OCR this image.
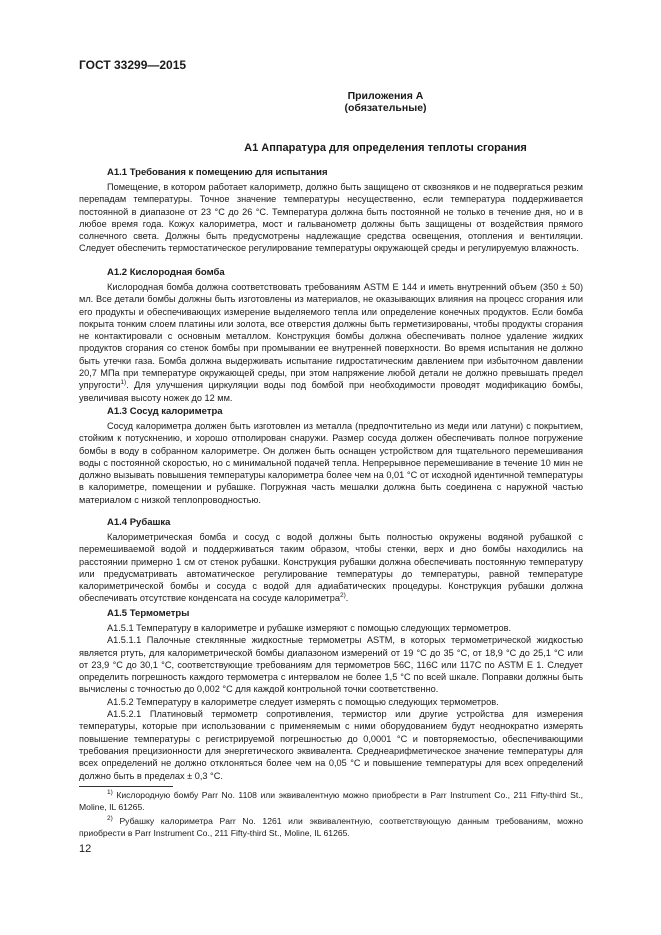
ГОСТ 33299—2015
Приложения А
(обязательные)
А1 Аппаратура для определения теплоты сгорания
А1.1 Требования к помещению для испытания

Помещение, в котором работает калориметр, должно быть защищено от сквозняков и не подвергаться резким перепадам температуры. Точное значение температуры несущественно, если температура поддерживается постоянной в диапазоне от 23 °С до 26 °С. Температура должна быть постоянной не только в течение дня, но и в любое время года. Кожух калориметра, мост и гальванометр должны быть защищены от воздействия прямого солнечного света. Должны быть предусмотрены надлежащие средства освещения, отопления и вентиляции. Следует обеспечить термостатическое регулирование температуры окружающей среды и регулируемую влажность.

А1.2 Кислородная бомба

Кислородная бомба должна соответствовать требованиям ASTM E 144 и иметь внутренний объем (350 ± 50) мл. Все детали бомбы должны быть изготовлены из материалов, не оказывающих влияния на процесс сгорания или его продукты и обеспечивающих измерение выделяемого тепла или определение конечных продуктов. Если бомба покрыта тонким слоем платины или золота, все отверстия должны быть герметизированы, чтобы продукты сгорания не контактировали с основным металлом. Конструкция бомбы должна обеспечивать полное удаление жидких продуктов сгорания со стенок бомбы при промывании ее внутренней поверхности. Во время испытания не должно быть утечки газа. Бомба должна выдерживать испытание гидростатическим давлением при избыточном давлении 20,7 МПа при температуре окружающей среды, при этом напряжение любой детали не должно превышать предел упругости$^{1)}$. Для улучшения циркуляции воды под бомбой при необходимости проводят модификацию бомбы, увеличивая высоту ножек до 12 мм.

А1.3 Сосуд калориметра

Сосуд калориметра должен быть изготовлен из металла (предпочтительно из меди или латуни) с покрытием, стойким к потускнению, и хорошо отполирован снаружи. Размер сосуда должен обеспечивать полное погружение бомбы в воду в собранном калориметре. Он должен быть оснащен устройством для тщательного перемешивания воды с постоянной скоростью, но с минимальной подачей тепла. Непрерывное перемешивание в течение 10 мин не должно вызывать повышения температуры калориметра более чем на 0,01 °С от исходной идентичной температуры в калориметре, помещении и рубашке. Погружная часть мешалки должна быть соединена с наружной частью материалом с низкой теплопроводностью.

А1.4 Рубашка

Калориметрическая бомба и сосуд с водой должны быть полностью окружены водяной рубашкой с перемешиваемой водой и поддерживаться таким образом, чтобы стенки, верх и дно бомбы находились на расстоянии примерно 1 см от стенок рубашки. Конструкция рубашки должна обеспечивать постоянную температуру или предусматривать автоматическое регулирование температуры до температуры, равной температуре калориметрической бомбы и сосуда с водой для адиабатических процедуры. Конструкция рубашки должна обеспечивать отсутствие конденсата на сосуде калориметра$^{2)}$.

А1.5 Термометры

А1.5.1 Температуру в калориметре и рубашке измеряют с помощью следующих термометров.

А1.5.1.1 Палочные стеклянные жидкостные термометры ASTM, в которых термометрической жидкостью является ртуть, для калориметрической бомбы диапазоном измерений от 19 °С до 35 °С, от 18,9 °С до 25,1 °С или от 23,9 °С до 30,1 °С, соответствующие требованиям для термометров 56С, 116С или 117С по ASTM E 1. Следует определить погрешность каждого термометра с интервалом не более 1,5 °С по всей шкале. Поправки должны быть вычислены с точностью до 0,002 °С для каждой контрольной точки соответственно.

А1.5.2 Температуру в калориметре следует измерять с помощью следующих термометров.

А1.5.2.1 Платиновый термометр сопротивления, термистор или другие устройства для измерения температуры, которые при использовании с применяемым с ними оборудованием будут неоднократно измерять повышение температуры с регистрируемой погрешностью до 0,0001 °С и повторяемостью, обеспечивающими требования прецизионности для энергетического эквивалента. Среднеарифметическое значение температуры для всех определений не должно отклоняться более чем на 0,05 °С и повышение температуры для всех определений должно быть в пределах ± 0,3 °С.

$^{1)}$ Кислородную бомбу Parr No. 1108 или эквивалентную можно приобрести в Parr Instrument Co., 211 Fifty-third St., Moline, IL 61265.

$^{2)}$ Рубашку калориметра Parr No. 1261 или эквивалентную, соответствующую данным требованиям, можно приобрести в Parr Instrument Co., 211 Fifty-third St., Moline, IL 61265.

12
